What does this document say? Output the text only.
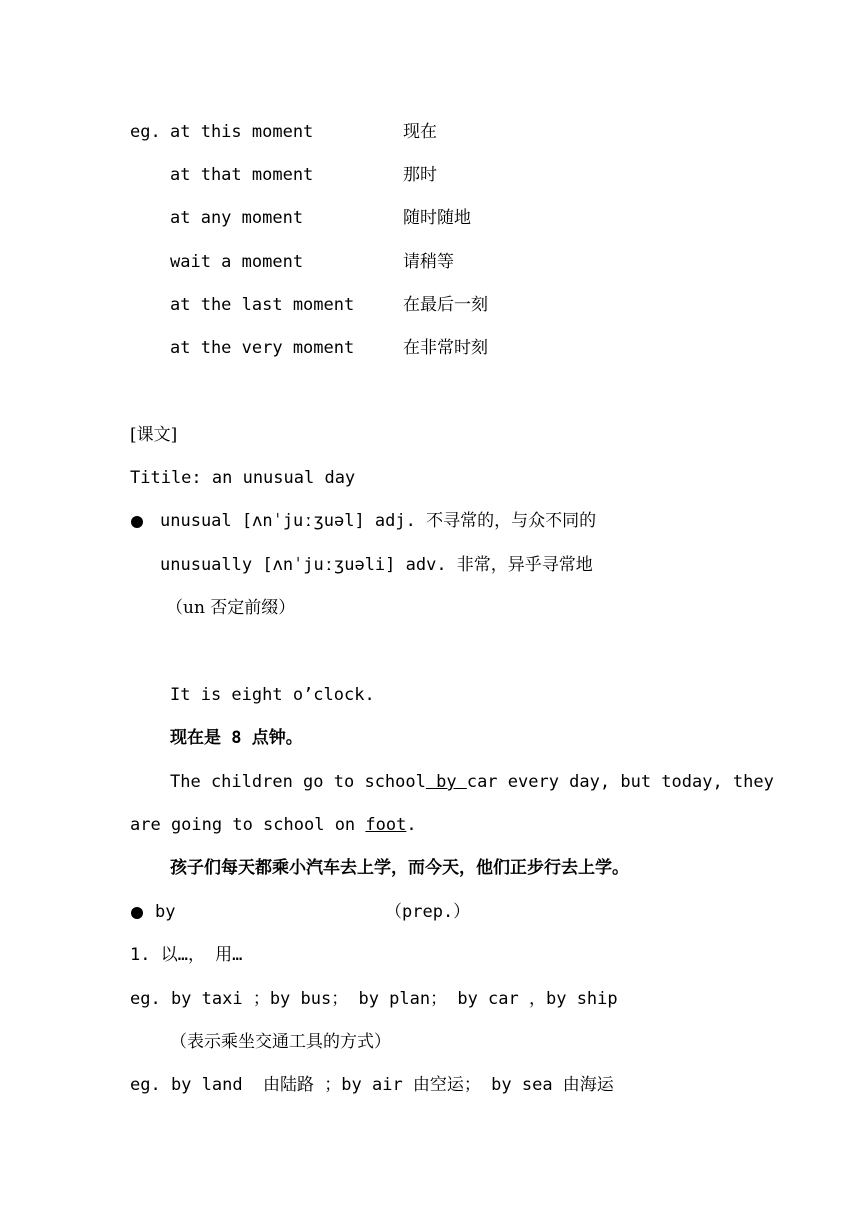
eg. at this moment	现在
at that moment	那时
at any moment	随时随地
wait a moment	请稍等
at the last moment	在最后一刻
at the very moment	在非常时刻
[课文]
Titile: an unusual day
unusual [ʌnˈjuːʒuəl] adj. 不寻常的，与众不同的
unusually [ʌnˈjuːʒuəli] adv. 非常，异乎寻常地
（un 否定前缀）
It is eight o’clock.
现在是 8 点钟。
The children go to school by car every day, but today, they
are going to school on foot.
孩子们每天都乘小汽车去上学，而今天，他们正步行去上学。
by	（prep.）
1. 以…， 用…
eg. by taxi ；by bus； by plan； by car ，by ship
（表示乘坐交通工具的方式）
eg. by land  由陆路 ；by air 由空运； by sea 由海运
